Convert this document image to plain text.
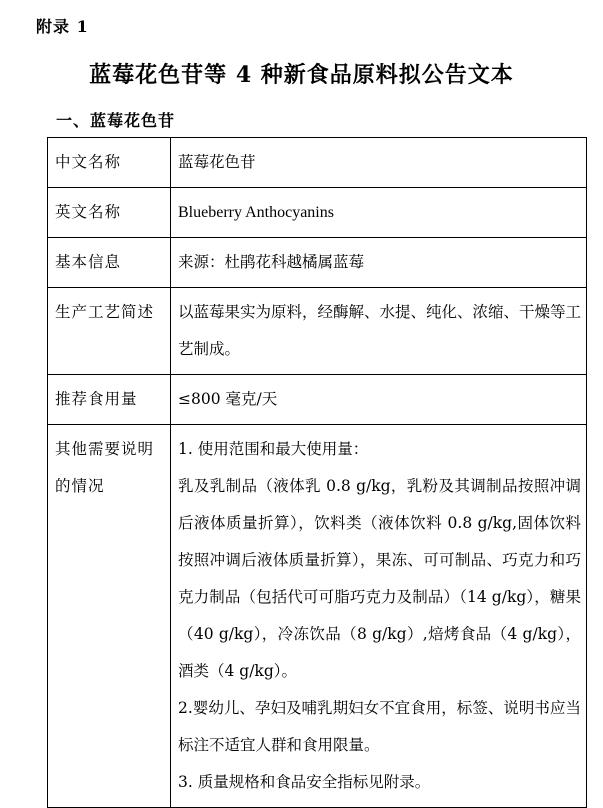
附录 1
蓝莓花色苷等 4 种新食品原料拟公告文本
一、蓝莓花色苷
中文名称	蓝莓花色苷
英文名称	Blueberry Anthocyanins
基本信息	来源：杜鹃花科越橘属蓝莓
生产工艺简述	以蓝莓果实为原料，经酶解、水提、纯化、浓缩、干燥等工艺制成。
推荐食用量	≤800 毫克/天
其他需要说明的情况	1. 使用范围和最大使用量：
乳及乳制品（液体乳 0.8 g/kg，乳粉及其调制品按照冲调后液体质量折算），饮料类（液体饮料 0.8 g/kg,固体饮料按照冲调后液体质量折算），果冻、可可制品、巧克力和巧克力制品（包括代可可脂巧克力及制品）（14 g/kg），糖果（40 g/kg），冷冻饮品（8 g/kg）,焙烤食品（4 g/kg），酒类（4 g/kg）。
2.婴幼儿、孕妇及哺乳期妇女不宜食用，标签、说明书应当标注不适宜人群和食用限量。
3. 质量规格和食品安全指标见附录。
